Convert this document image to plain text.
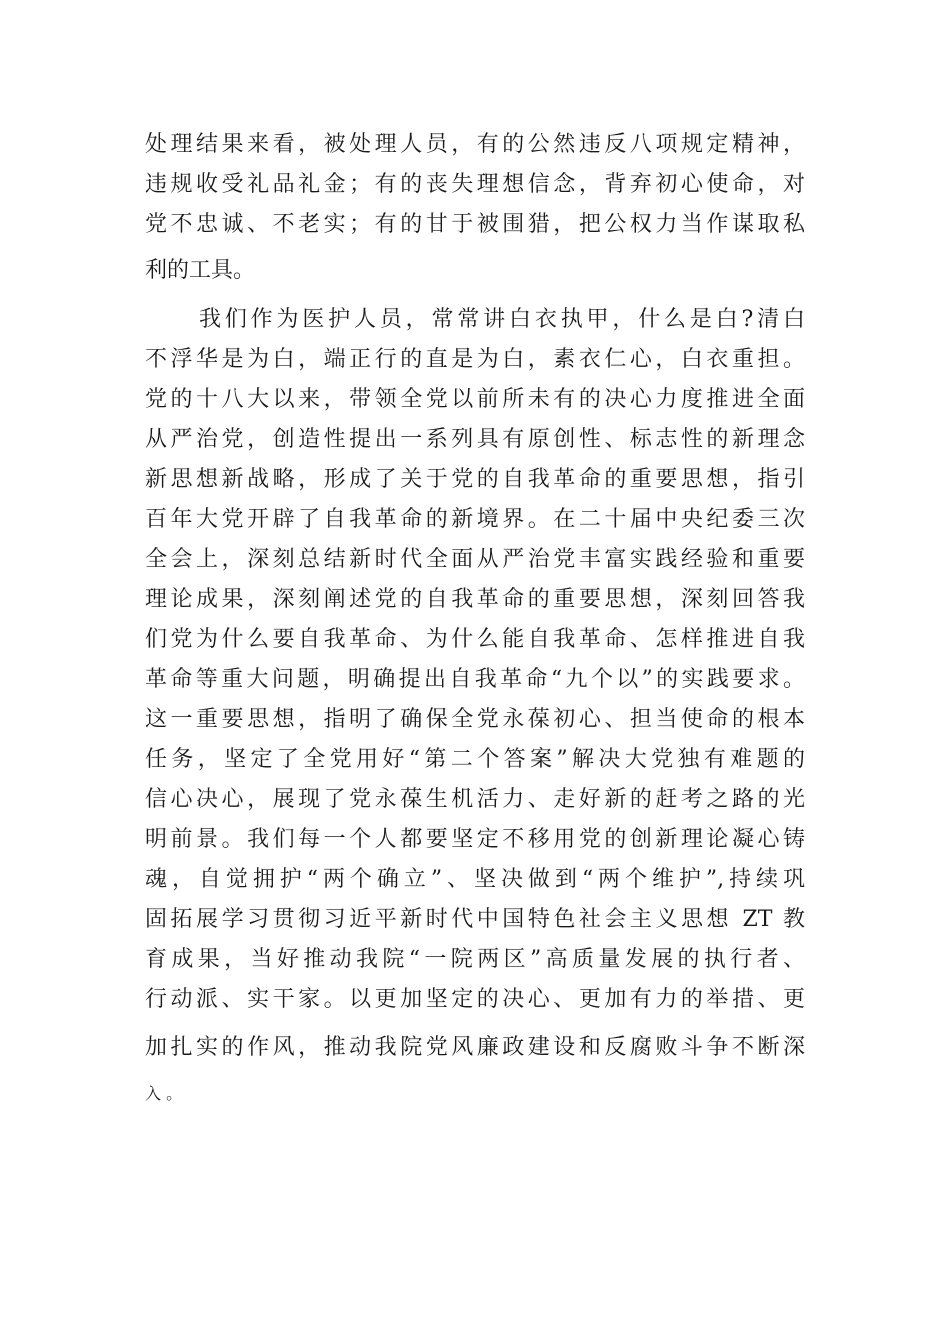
处理结果来看，被处理人员，有的公然违反八项规定精神，
违规收受礼品礼金；有的丧失理想信念，背弃初心使命，对
党不忠诚、不老实；有的甘于被围猎，把公权力当作谋取私
利的工具。
我们作为医护人员，常常讲白衣执甲，什么是白?清白
不浮华是为白，端正行的直是为白，素衣仁心，白衣重担。
党的十八大以来，带领全党以前所未有的决心力度推进全面
从严治党，创造性提出一系列具有原创性、标志性的新理念
新思想新战略，形成了关于党的自我革命的重要思想，指引
百年大党开辟了自我革命的新境界。在二十届中央纪委三次
全会上，深刻总结新时代全面从严治党丰富实践经验和重要
理论成果，深刻阐述党的自我革命的重要思想，深刻回答我
们党为什么要自我革命、为什么能自我革命、怎样推进自我
革命等重大问题，明确提出自我革命“九个以”的实践要求。
这一重要思想，指明了确保全党永葆初心、担当使命的根本
任务，坚定了全党用好“第二个答案”解决大党独有难题的
信心决心，展现了党永葆生机活力、走好新的赶考之路的光
明前景。我们每一个人都要坚定不移用党的创新理论凝心铸
魂，自觉拥护“两个确立”、坚决做到“两个维护”,持续巩
固拓展学习贯彻习近平新时代中国特色社会主义思想 ZT 教
育成果，当好推动我院“一院两区”高质量发展的执行者、
行动派、实干家。以更加坚定的决心、更加有力的举措、更
加扎实的作风，推动我院党风廉政建设和反腐败斗争不断深
入 。
